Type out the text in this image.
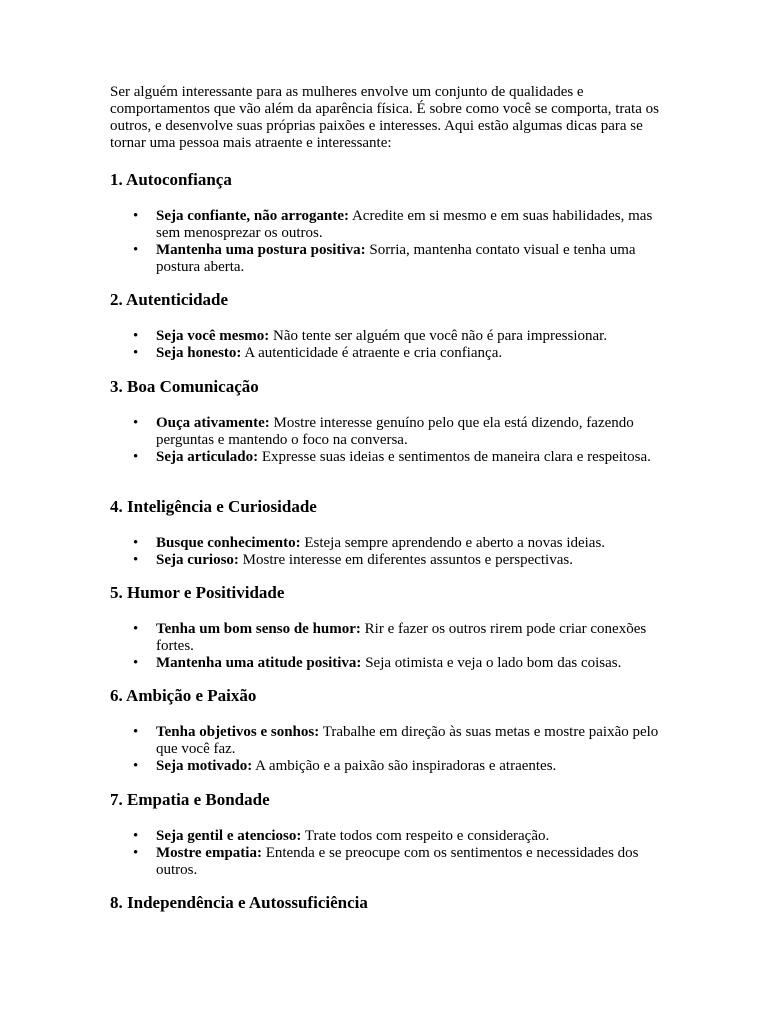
Ser alguém interessante para as mulheres envolve um conjunto de qualidades e comportamentos que vão além da aparência física. É sobre como você se comporta, trata os outros, e desenvolve suas próprias paixões e interesses. Aqui estão algumas dicas para se tornar uma pessoa mais atraente e interessante:

1. Autoconfiança
• Seja confiante, não arrogante: Acredite em si mesmo e em suas habilidades, mas sem menosprezar os outros.
• Mantenha uma postura positiva: Sorria, mantenha contato visual e tenha uma postura aberta.
2. Autenticidade
• Seja você mesmo: Não tente ser alguém que você não é para impressionar.
• Seja honesto: A autenticidade é atraente e cria confiança.
3. Boa Comunicação
• Ouça ativamente: Mostre interesse genuíno pelo que ela está dizendo, fazendo perguntas e mantendo o foco na conversa.
• Seja articulado: Expresse suas ideias e sentimentos de maneira clara e respeitosa.
4. Inteligência e Curiosidade
• Busque conhecimento: Esteja sempre aprendendo e aberto a novas ideias.
• Seja curioso: Mostre interesse em diferentes assuntos e perspectivas.
5. Humor e Positividade
• Tenha um bom senso de humor: Rir e fazer os outros rirem pode criar conexões fortes.
• Mantenha uma atitude positiva: Seja otimista e veja o lado bom das coisas.
6. Ambição e Paixão
• Tenha objetivos e sonhos: Trabalhe em direção às suas metas e mostre paixão pelo que você faz.
• Seja motivado: A ambição e a paixão são inspiradoras e atraentes.
7. Empatia e Bondade
• Seja gentil e atencioso: Trate todos com respeito e consideração.
• Mostre empatia: Entenda e se preocupe com os sentimentos e necessidades dos outros.
8. Independência e Autossuficiência
